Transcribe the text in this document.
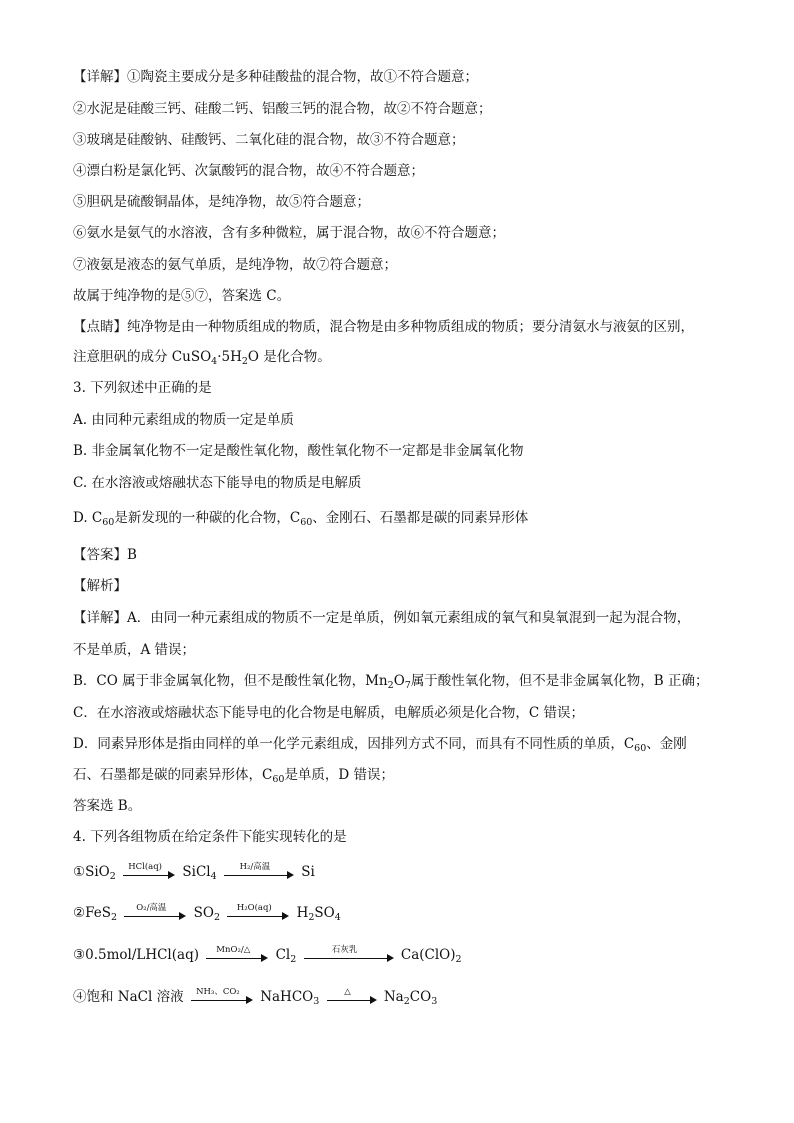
【详解】①陶瓷主要成分是多种硅酸盐的混合物，故①不符合题意；
②水泥是硅酸三钙、硅酸二钙、铝酸三钙的混合物，故②不符合题意；
③玻璃是硅酸钠、硅酸钙、二氧化硅的混合物，故③不符合题意；
④漂白粉是氯化钙、次氯酸钙的混合物，故④不符合题意；
⑤胆矾是硫酸铜晶体，是纯净物，故⑤符合题意；
⑥氨水是氨气的水溶液，含有多种微粒，属于混合物，故⑥不符合题意；
⑦液氨是液态的氨气单质，是纯净物，故⑦符合题意；
故属于纯净物的是⑤⑦，答案选 C。
【点睛】纯净物是由一种物质组成的物质，混合物是由多种物质组成的物质；要分清氨水与液氨的区别，
注意胆矾的成分 $CuSO_4\cdot 5H_2O$ 是化合物。
3. 下列叙述中正确的是
A. 由同种元素组成的物质一定是单质
B. 非金属氧化物不一定是酸性氧化物，酸性氧化物不一定都是非金属氧化物
C. 在水溶液或熔融状态下能导电的物质是电解质
D. $C_{60}$是新发现的一种碳的化合物，$C_{60}$、金刚石、石墨都是碳的同素异形体
【答案】B
【解析】
【详解】A．由同一种元素组成的物质不一定是单质，例如氧元素组成的氧气和臭氧混到一起为混合物，
不是单质，A 错误；
B．CO 属于非金属氧化物，但不是酸性氧化物，$Mn_2O_7$属于酸性氧化物，但不是非金属氧化物，B 正确；
C．在水溶液或熔融状态下能导电的化合物是电解质，电解质必须是化合物，C 错误；
D．同素异形体是指由同样的单一化学元素组成，因排列方式不同，而具有不同性质的单质，$C_{60}$、金刚
石、石墨都是碳的同素异形体，$C_{60}$是单质，D 错误；
答案选 B。
4. 下列各组物质在给定条件下能实现转化的是
①SiO$_2$
HCl(aq)	SiCl$_4$
H₂/高温	Si
②FeS$_2$
O₂/高温	$SO_2$
H₂O(aq)	$H_2SO_4$
③0.5mol/LHCl(aq)	MnO₂/△	$Cl_2$
石灰乳	$Ca(ClO)_2$
④饱和 NaCl 溶液	NH₃、CO₂	NaHCO$_3$
△	$Na_2CO_3$
